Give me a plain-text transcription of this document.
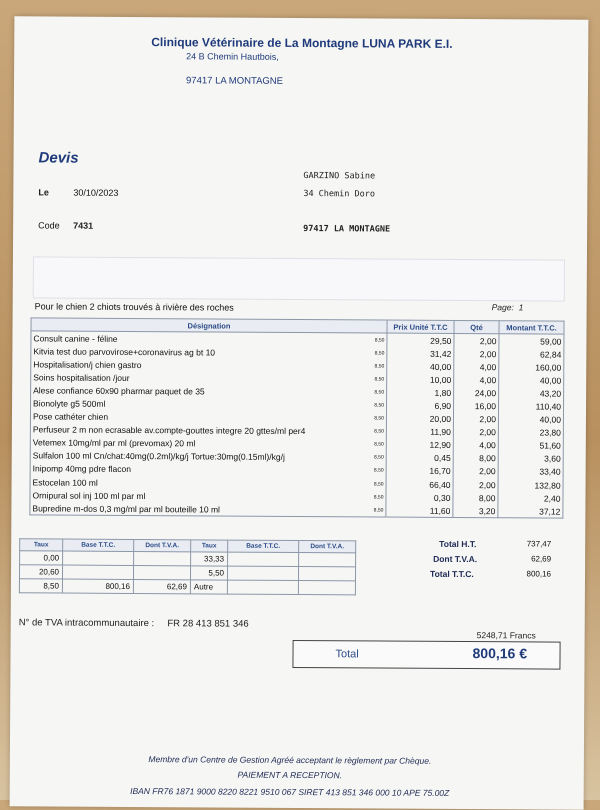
Clinique Vétérinaire de La Montagne LUNA PARK E.I.
24 B Chemin Hautbois,
97417 LA MONTAGNE
Devis
Le	30/10/2023
Code 7431
GARZINO Sabine
34 Chemin Doro
97417 LA MONTAGNE
Pour le chien 2 chiots trouvés à rivière des roches	Page: 1
Désignation		Prix Unité T.T.C	Qté	Montant T.T.C.
Consult canine - féline	8,50	29,50	2,00	59,00
Kitvia test duo parvovirose+coronavirus ag bt 10	8,50	31,42	2,00	62,84
Hospitalisation/j chien gastro	8,50	40,00	4,00	160,00
Soins hospitalisation /jour	8,50	10,00	4,00	40,00
Alese confiance 60x90 pharmar paquet de 35	8,50	1,80	24,00	43,20
Bionolyte g5 500ml	8,50	6,90	16,00	110,40
Pose cathéter chien	8,50	20,00	2,00	40,00
Perfuseur 2 m non ecrasable av.compte-gouttes integre 20 gttes/ml per4	8,50	11,90	2,00	23,80
Vetemex 10mg/ml par ml (prevomax) 20 ml	8,50	12,90	4,00	51,60
Sulfalon 100 ml Cn/chat:40mg(0.2ml)/kg/j Tortue:30mg(0.15ml)/kg/j	8,50	0,45	8,00	3,60
Inipomp 40mg pdre flacon	8,50	16,70	2,00	33,40
Estocelan 100 ml	8,50	66,40	2,00	132,80
Ornipural sol inj 100 ml par ml	8,50	0,30	8,00	2,40
Bupredine m-dos 0,3 mg/ml par ml bouteille 10 ml	8,50	11,60	3,20	37,12
Taux	Base T.T.C.	Dont T.V.A.	Taux	Base T.T.C.	Dont T.V.A.
0,00			33,33		
20,60			5,50		
8,50	800,16	62,69	Autre		
Total H.T.	737,47
Dont T.V.A.	62,69
Total T.T.C.	800,16
N° de TVA intracommunautaire : FR 28 413 851 346
5248,71 Francs
Total	800,16 €
Membre d'un Centre de Gestion Agréé acceptant le règlement par Chèque.
PAIEMENT A RECEPTION.
IBAN FR76 1871 9000 8220 8221 9510 067 SIRET 413 851 346 000 10 APE 75.00Z
